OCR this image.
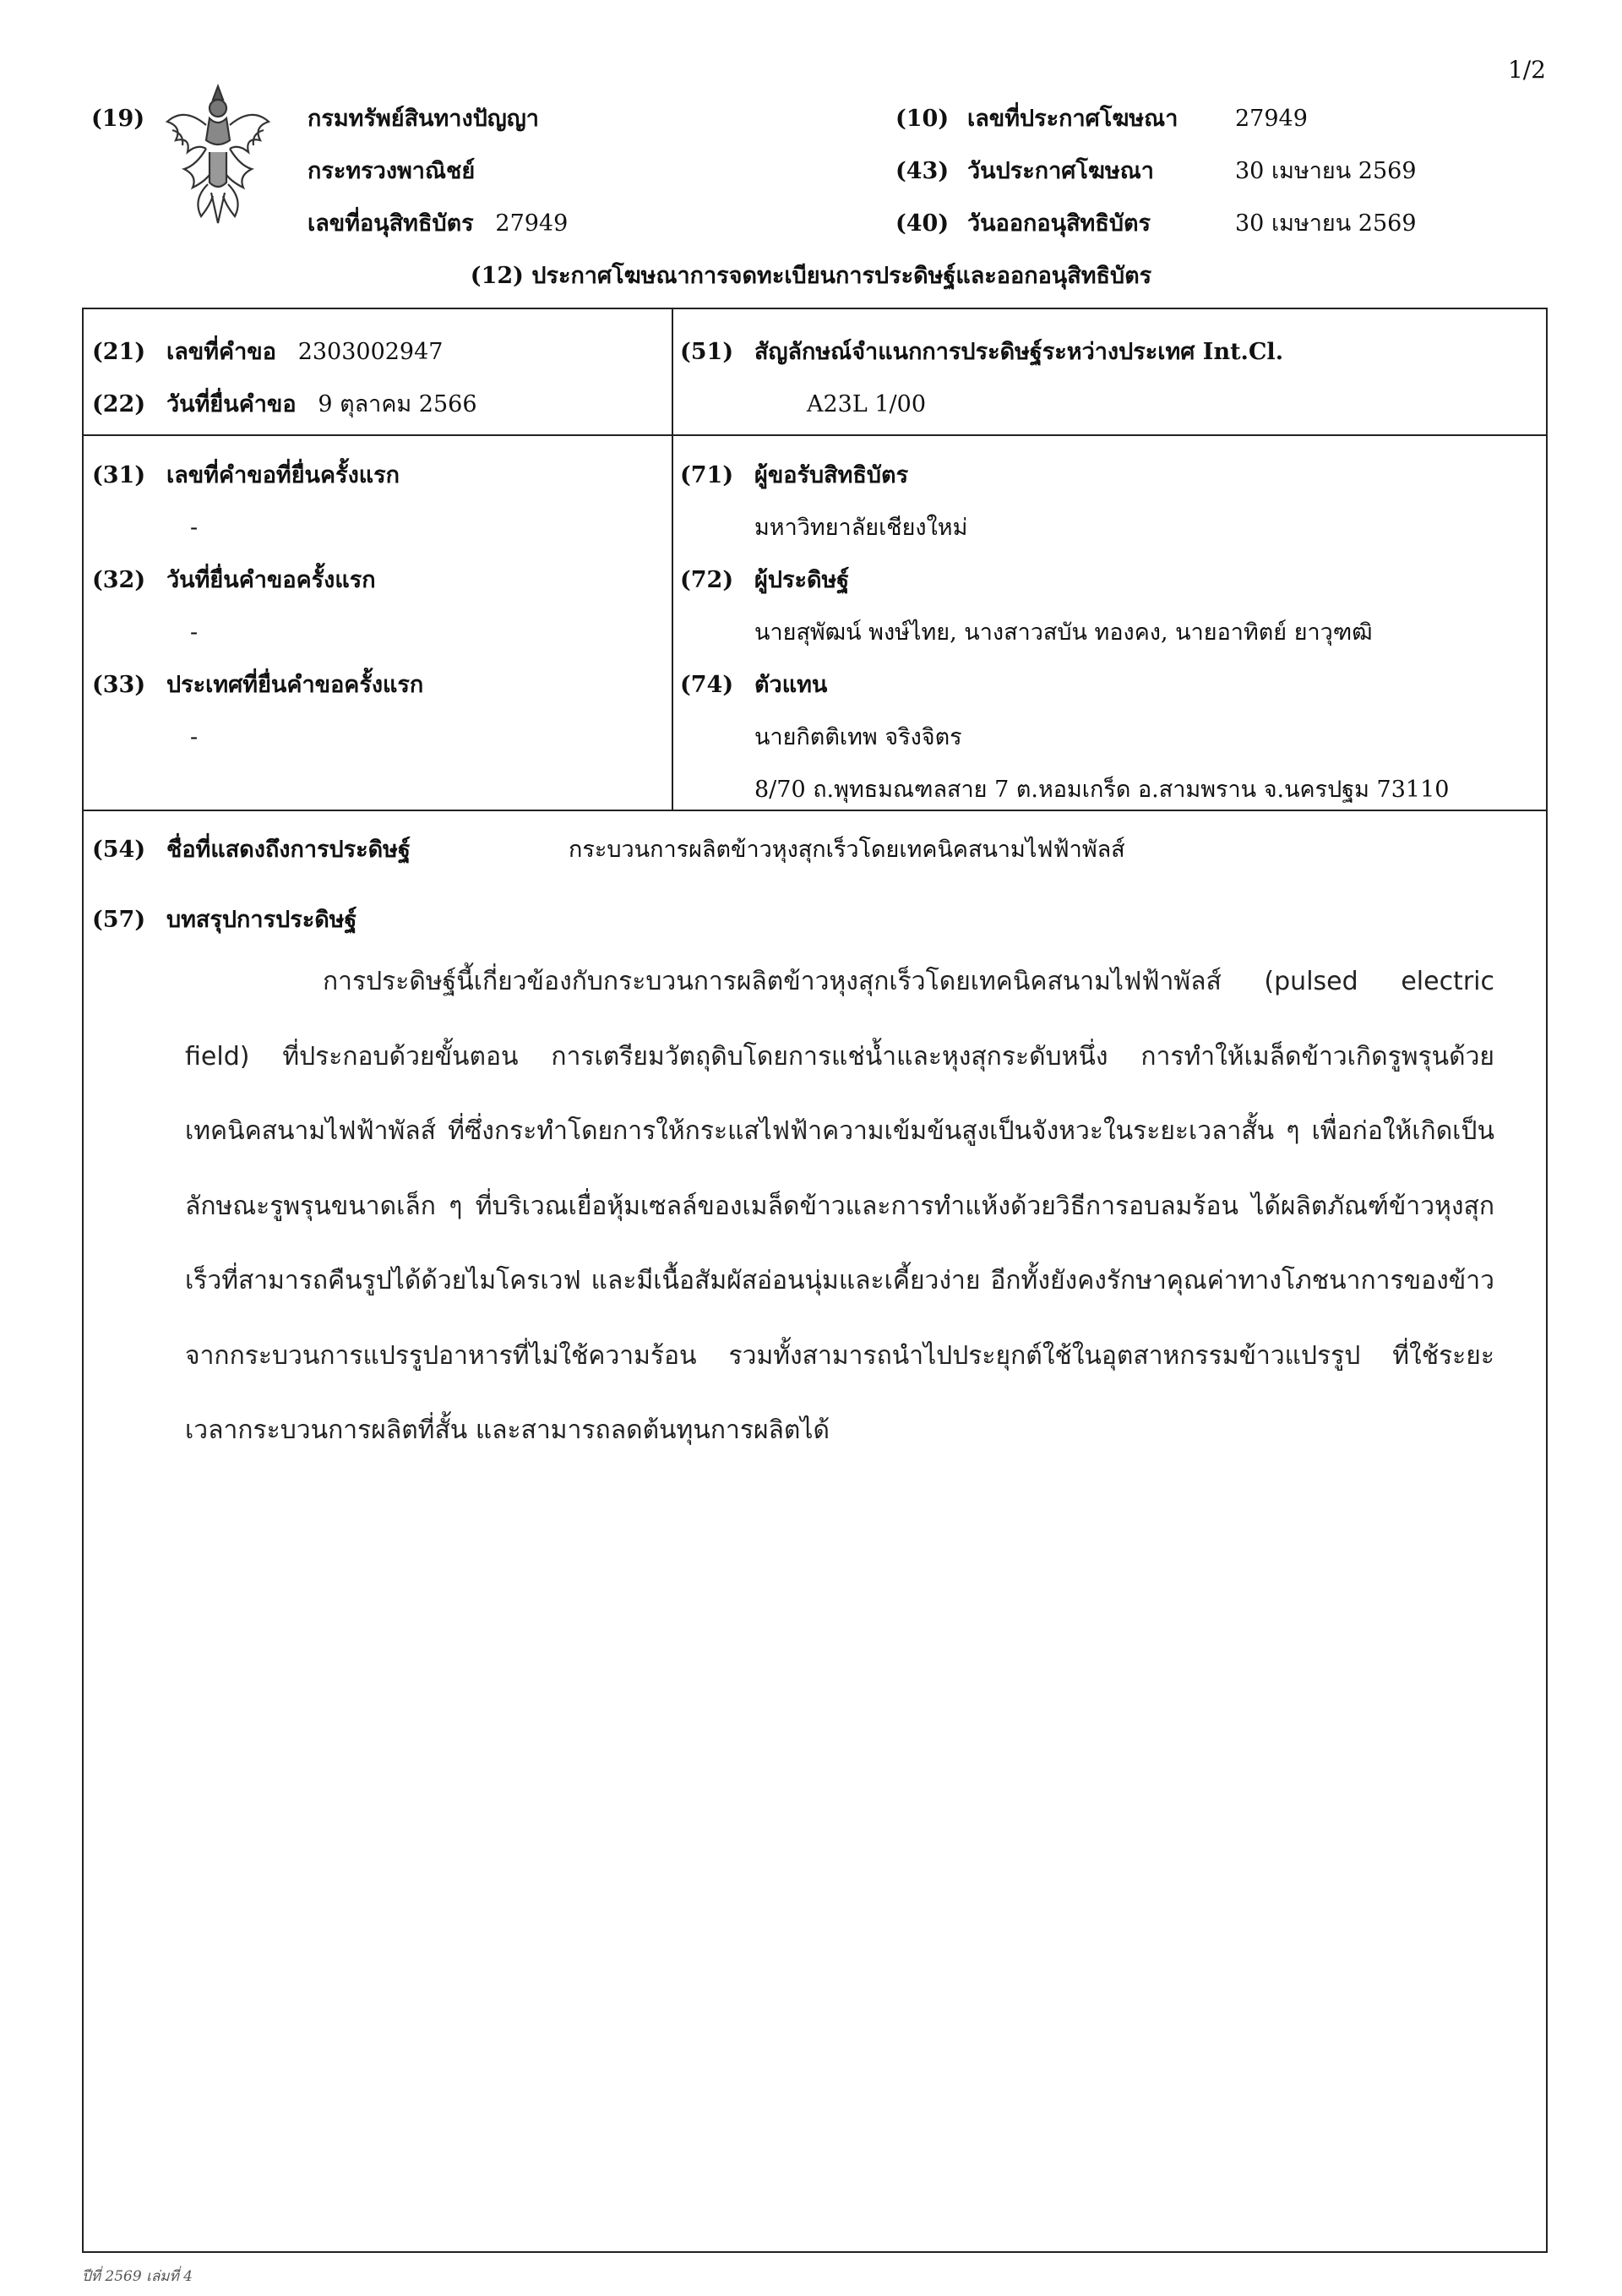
1/2
(19)	กรมทรัพย์สินทางปัญญา
กระทรวงพาณิชย์
เลขที่อนุสิทธิบัตร 27949
(10) เลขที่ประกาศโฆษณา	27949
(43) วันประกาศโฆษณา	30 เมษายน 2569
(40) วันออกอนุสิทธิบัตร	30 เมษายน 2569
(12) ประกาศโฆษณาการจดทะเบียนการประดิษฐ์และออกอนุสิทธิบัตร
(21) เลขที่คำขอ 2303002947
(22) วันที่ยื่นคำขอ 9 ตุลาคม 2566
(51) สัญลักษณ์จำแนกการประดิษฐ์ระหว่างประเทศ Int.Cl.
A23L 1/00
(31) เลขที่คำขอที่ยื่นครั้งแรก
-
(32) วันที่ยื่นคำขอครั้งแรก
-
(33) ประเทศที่ยื่นคำขอครั้งแรก
-
(71) ผู้ขอรับสิทธิบัตร
มหาวิทยาลัยเชียงใหม่
(72) ผู้ประดิษฐ์
นายสุพัฒน์ พงษ์ไทย, นางสาวสบัน ทองคง, นายอาทิตย์ ยาวุฑฒิ
(74) ตัวแทน
นายกิตติเทพ จริงจิตร
8/70 ถ.พุทธมณฑลสาย 7 ต.หอมเกร็ด อ.สามพราน จ.นครปฐม 73110
(54) ชื่อที่แสดงถึงการประดิษฐ์	กระบวนการผลิตข้าวหุงสุกเร็วโดยเทคนิคสนามไฟฟ้าพัลส์
(57) บทสรุปการประดิษฐ์
การประดิษฐ์นี้เกี่ยวข้องกับกระบวนการผลิตข้าวหุงสุกเร็วโดยเทคนิคสนามไฟฟ้าพัลส์ (pulsed electric field) ที่ประกอบด้วยขั้นตอน การเตรียมวัตถุดิบโดยการแช่น้ำและหุงสุกระดับหนึ่ง การทำให้เมล็ดข้าวเกิดรูพรุนด้วยเทคนิคสนามไฟฟ้าพัลส์ ที่ซึ่งกระทำโดยการให้กระแสไฟฟ้าความเข้มข้นสูงเป็นจังหวะในระยะเวลาสั้น ๆ เพื่อก่อให้เกิดเป็นลักษณะรูพรุนขนาดเล็ก ๆ ที่บริเวณเยื่อหุ้มเซลล์ของเมล็ดข้าวและการทำแห้งด้วยวิธีการอบลมร้อน ได้ผลิตภัณฑ์ข้าวหุงสุกเร็วที่สามารถคืนรูปได้ด้วยไมโครเวฟ และมีเนื้อสัมผัสอ่อนนุ่มและเคี้ยวง่าย อีกทั้งยังคงรักษาคุณค่าทางโภชนาการของข้าวจากกระบวนการแปรรูปอาหารที่ไม่ใช้ความร้อน รวมทั้งสามารถนำไปประยุกต์ใช้ในอุตสาหกรรมข้าวแปรรูป ที่ใช้ระยะเวลากระบวนการผลิตที่สั้น และสามารถลดต้นทุนการผลิตได้
ปีที่ 2569 เล่มที่ 4
